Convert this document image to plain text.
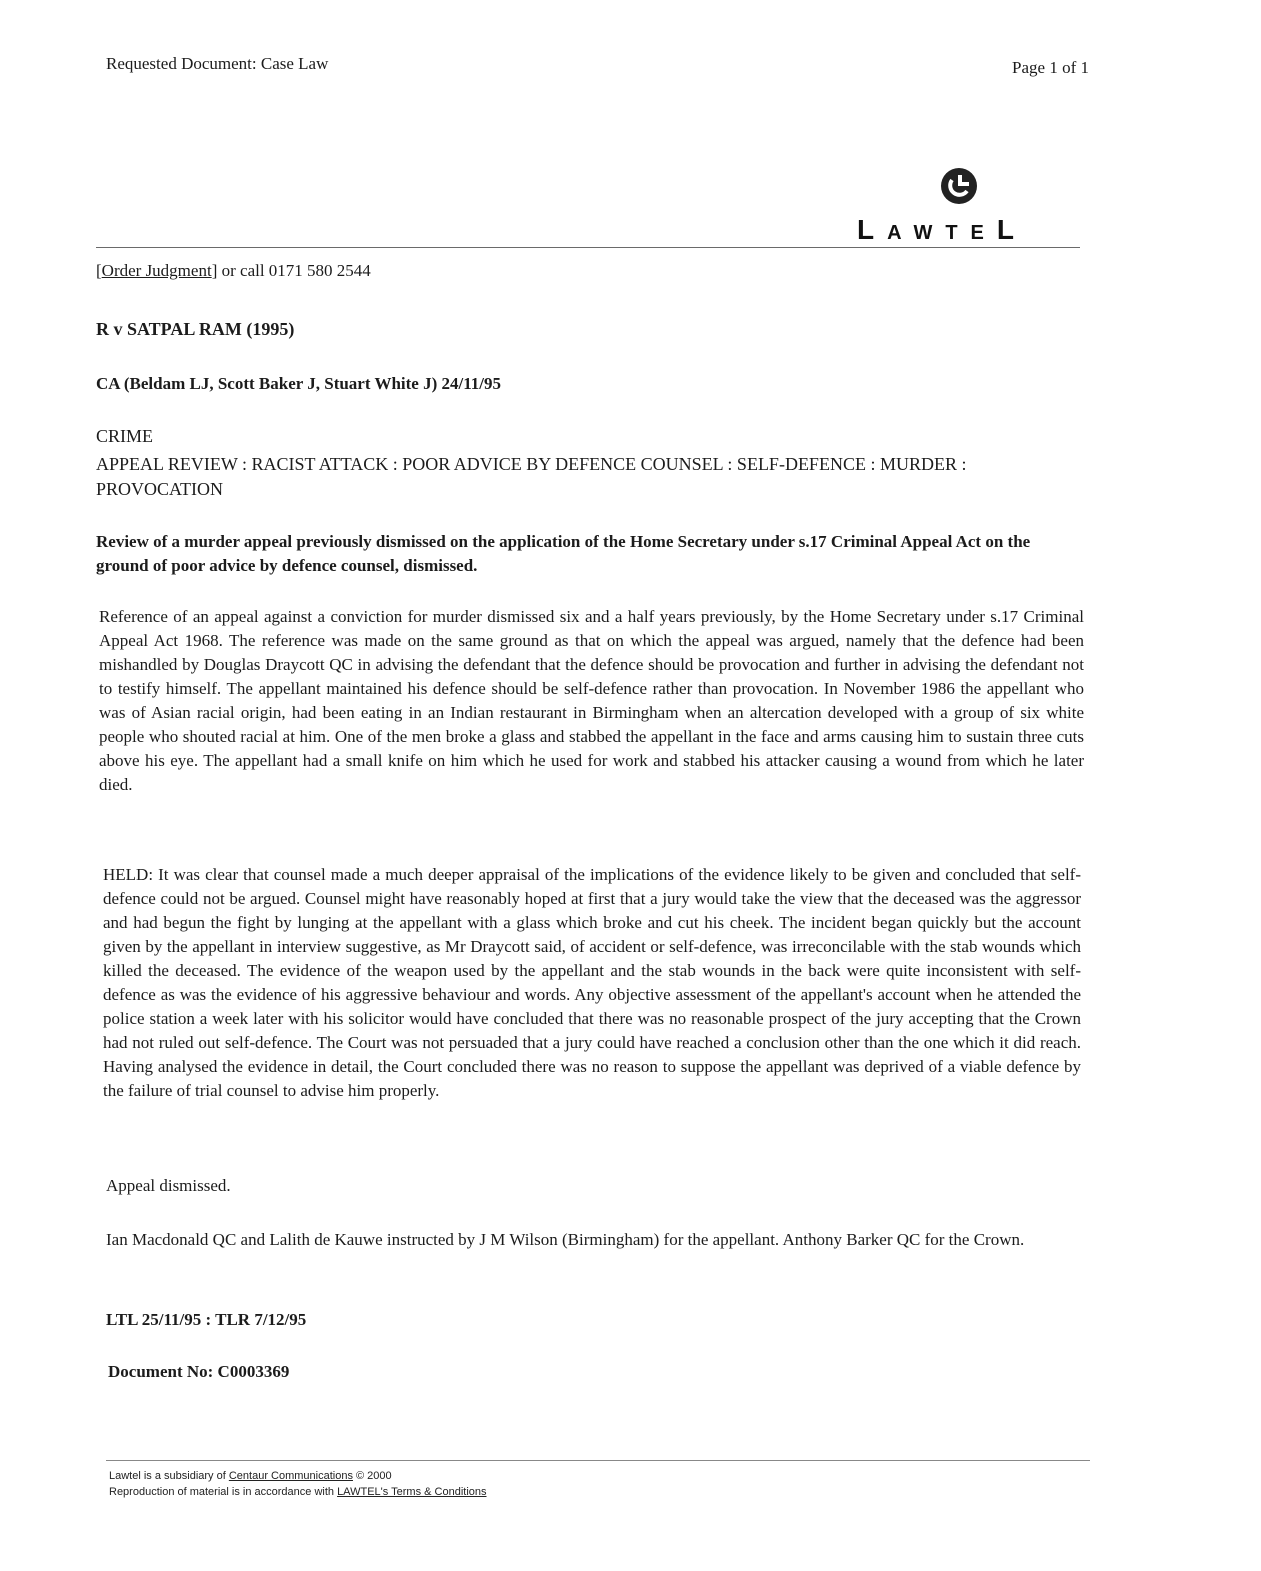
Requested Document: Case Law	Page 1 of 1
LAWTEL
[Order Judgment] or call 0171 580 2544
R v SATPAL RAM (1995)
CA (Beldam LJ, Scott Baker J, Stuart White J) 24/11/95
CRIME
APPEAL REVIEW : RACIST ATTACK : POOR ADVICE BY DEFENCE COUNSEL : SELF-DEFENCE : MURDER : PROVOCATION
Review of a murder appeal previously dismissed on the application of the Home Secretary under s.17 Criminal Appeal Act on the ground of poor advice by defence counsel, dismissed.
Reference of an appeal against a conviction for murder dismissed six and a half years previously, by the Home Secretary under s.17 Criminal Appeal Act 1968. The reference was made on the same ground as that on which the appeal was argued, namely that the defence had been mishandled by Douglas Draycott QC in advising the defendant that the defence should be provocation and further in advising the defendant not to testify himself. The appellant maintained his defence should be self-defence rather than provocation. In November 1986 the appellant who was of Asian racial origin, had been eating in an Indian restaurant in Birmingham when an altercation developed with a group of six white people who shouted racial at him. One of the men broke a glass and stabbed the appellant in the face and arms causing him to sustain three cuts above his eye. The appellant had a small knife on him which he used for work and stabbed his attacker causing a wound from which he later died.
HELD: It was clear that counsel made a much deeper appraisal of the implications of the evidence likely to be given and concluded that self-defence could not be argued. Counsel might have reasonably hoped at first that a jury would take the view that the deceased was the aggressor and had begun the fight by lunging at the appellant with a glass which broke and cut his cheek. The incident began quickly but the account given by the appellant in interview suggestive, as Mr Draycott said, of accident or self-defence, was irreconcilable with the stab wounds which killed the deceased. The evidence of the weapon used by the appellant and the stab wounds in the back were quite inconsistent with self-defence as was the evidence of his aggressive behaviour and words. Any objective assessment of the appellant's account when he attended the police station a week later with his solicitor would have concluded that there was no reasonable prospect of the jury accepting that the Crown had not ruled out self-defence. The Court was not persuaded that a jury could have reached a conclusion other than the one which it did reach. Having analysed the evidence in detail, the Court concluded there was no reason to suppose the appellant was deprived of a viable defence by the failure of trial counsel to advise him properly.
Appeal dismissed.
Ian Macdonald QC and Lalith de Kauwe instructed by J M Wilson (Birmingham) for the appellant. Anthony Barker QC for the Crown.
LTL 25/11/95 : TLR 7/12/95
Document No: C0003369
Lawtel is a subsidiary of Centaur Communications © 2000
Reproduction of material is in accordance with LAWTEL's Terms & Conditions
